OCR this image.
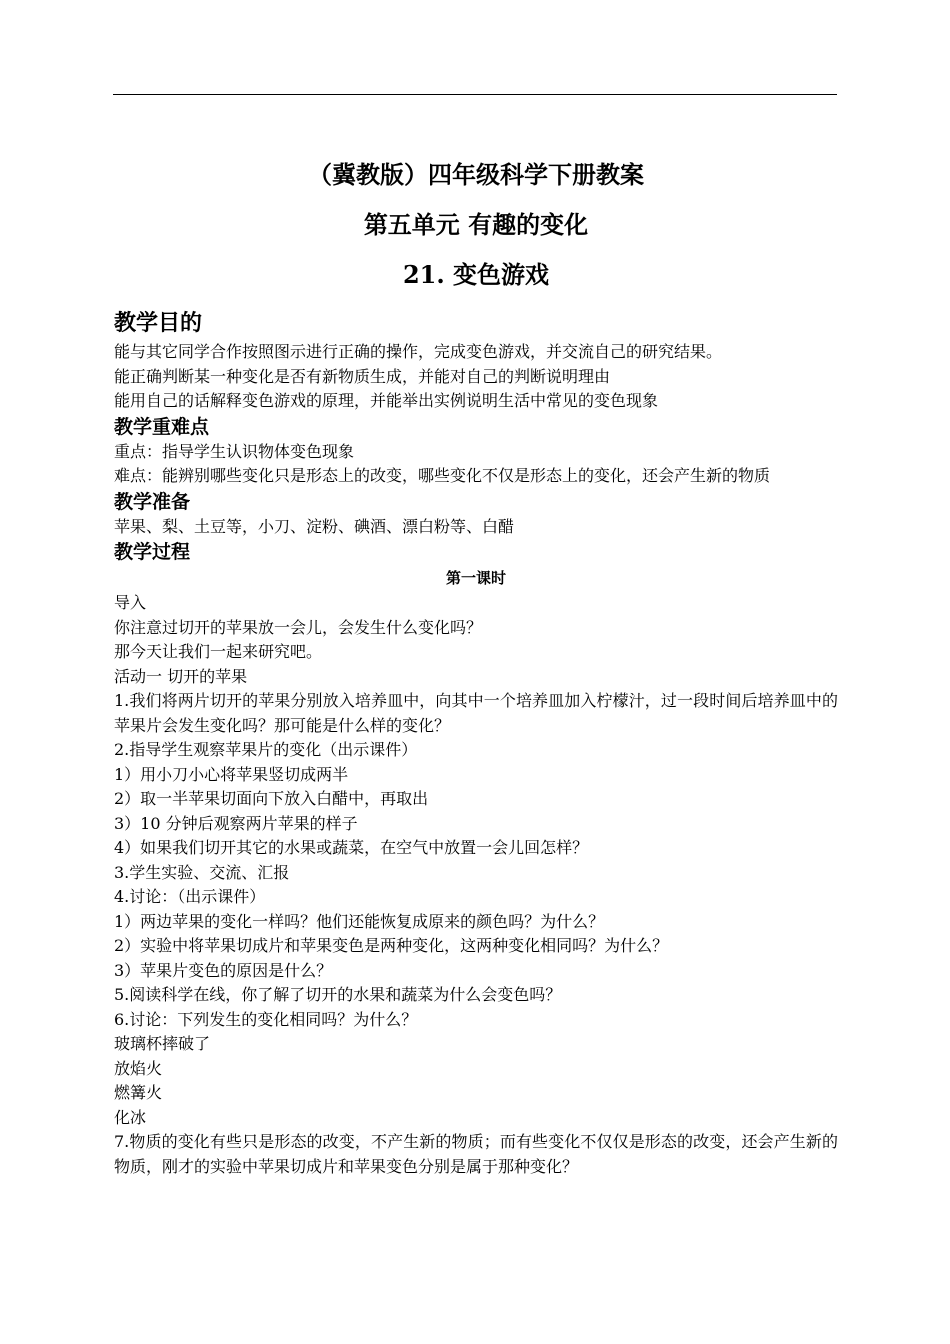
（冀教版）四年级科学下册教案
第五单元 有趣的变化
21. 变色游戏
教学目的
能与其它同学合作按照图示进行正确的操作，完成变色游戏，并交流自己的研究结果。
能正确判断某一种变化是否有新物质生成，并能对自己的判断说明理由
能用自己的话解释变色游戏的原理，并能举出实例说明生活中常见的变色现象
教学重难点
重点：指导学生认识物体变色现象
难点：能辨别哪些变化只是形态上的改变，哪些变化不仅是形态上的变化，还会产生新的物质
教学准备
苹果、梨、土豆等，小刀、淀粉、碘酒、漂白粉等、白醋
教学过程
第一课时
导入
你注意过切开的苹果放一会儿，会发生什么变化吗？
那今天让我们一起来研究吧。
活动一 切开的苹果
1.我们将两片切开的苹果分别放入培养皿中，向其中一个培养皿加入柠檬汁，过一段时间后培养皿中的苹果片会发生变化吗？那可能是什么样的变化？
2.指导学生观察苹果片的变化（出示课件）
1）用小刀小心将苹果竖切成两半
2）取一半苹果切面向下放入白醋中，再取出
3）10 分钟后观察两片苹果的样子
4）如果我们切开其它的水果或蔬菜，在空气中放置一会儿回怎样？
3.学生实验、交流、汇报
4.讨论：（出示课件）
1）两边苹果的变化一样吗？他们还能恢复成原来的颜色吗？为什么？
2）实验中将苹果切成片和苹果变色是两种变化，这两种变化相同吗？为什么？
3）苹果片变色的原因是什么？
5.阅读科学在线，你了解了切开的水果和蔬菜为什么会变色吗？
6.讨论：下列发生的变化相同吗？为什么？
玻璃杯摔破了
放焰火
燃篝火
化冰
7.物质的变化有些只是形态的改变，不产生新的物质；而有些变化不仅仅是形态的改变，还会产生新的物质，刚才的实验中苹果切成片和苹果变色分别是属于那种变化？
